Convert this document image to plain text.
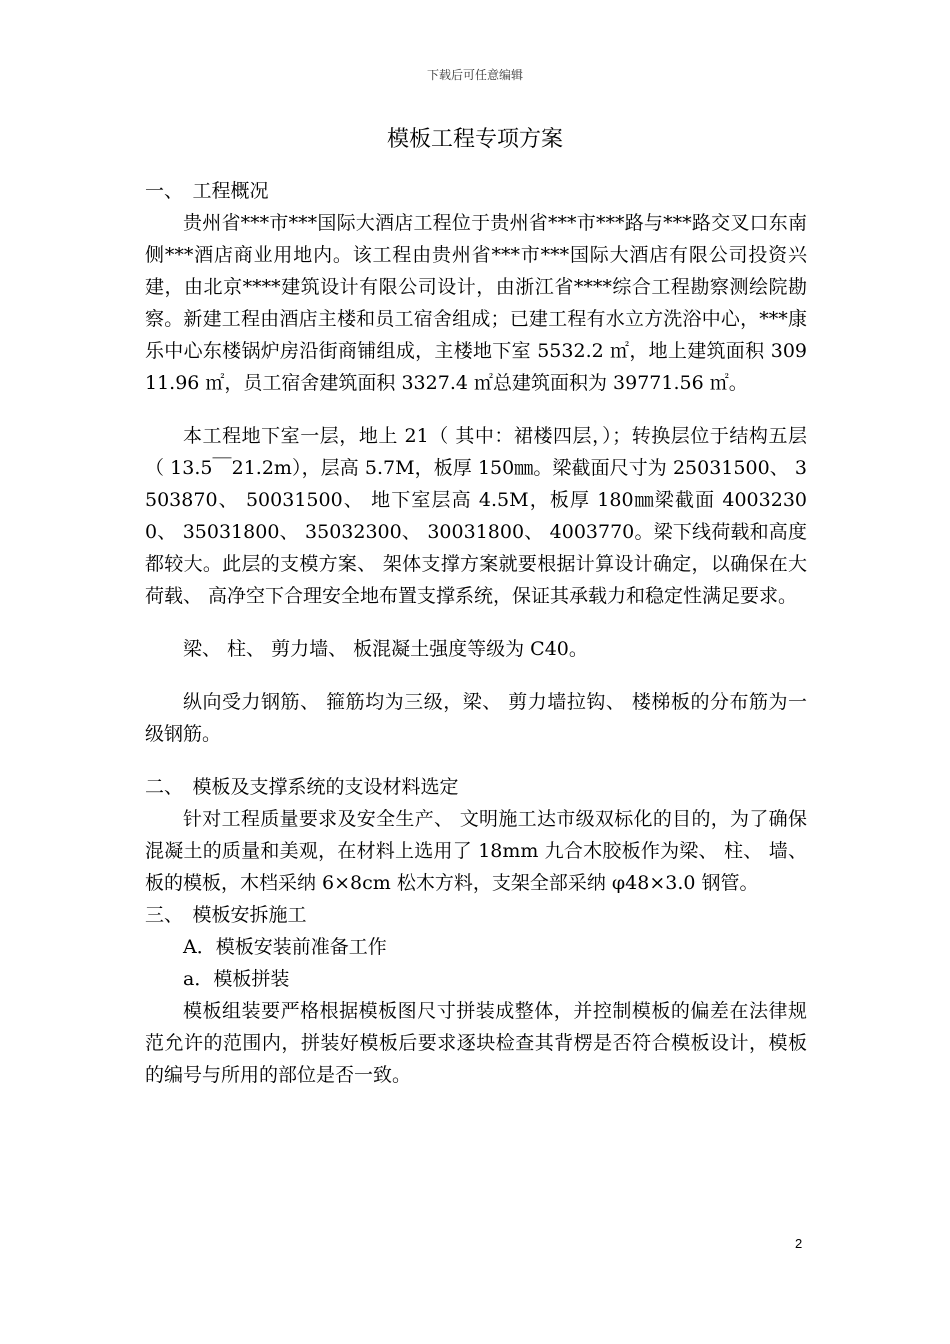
下载后可任意编辑
模板工程专项方案

一、　工程概况

贵州省***市***国际大酒店工程位于贵州省***市***路与***路交叉口东南侧***酒店商业用地内。该工程由贵州省***市***国际大酒店有限公司投资兴建，由北京****建筑设计有限公司设计，由浙江省****综合工程勘察测绘院勘察。新建工程由酒店主楼和员工宿舍组成；已建工程有水立方洗浴中心，***康乐中心东楼锅炉房沿街商铺组成，主楼地下室 5532.2 ㎡，地上建筑面积 30911.96 ㎡，员工宿舍建筑面积 3327.4 ㎡总建筑面积为 39771.56 ㎡。

本工程地下室一层，地上 21（ 其中：裙楼四层，）；转换层位于结构五层（ 13.5￣21.2m），层高 5.7M，板厚 150㎜。梁截面尺寸为 25031500、 3503870、 50031500、 地下室层高 4.5M，板厚 180㎜梁截面 40032300、 35031800、 35032300、 30031800、 4003770。梁下线荷载和高度都较大。此层的支模方案、 架体支撑方案就要根据计算设计确定，以确保在大荷载、 高净空下合理安全地布置支撑系统，保证其承载力和稳定性满足要求。

梁、 柱、 剪力墙、 板混凝土强度等级为 C40。

纵向受力钢筋、 箍筋均为三级，梁、 剪力墙拉钩、 楼梯板的分布筋为一级钢筋。

二、　模板及支撑系统的支设材料选定

针对工程质量要求及安全生产、 文明施工达市级双标化的目的，为了确保混凝土的质量和美观，在材料上选用了 18mm 九合木胶板作为梁、 柱、 墙、 板的模板，木档采纳 6×8cm 松木方料，支架全部采纳 φ48×3.0 钢管。

三、　模板安拆施工

A．模板安装前准备工作

a．模板拼装

模板组装要严格根据模板图尺寸拼装成整体，并控制模板的偏差在法律规范允许的范围内，拼装好模板后要求逐块检查其背楞是否符合模板设计，模板的编号与所用的部位是否一致。

2
